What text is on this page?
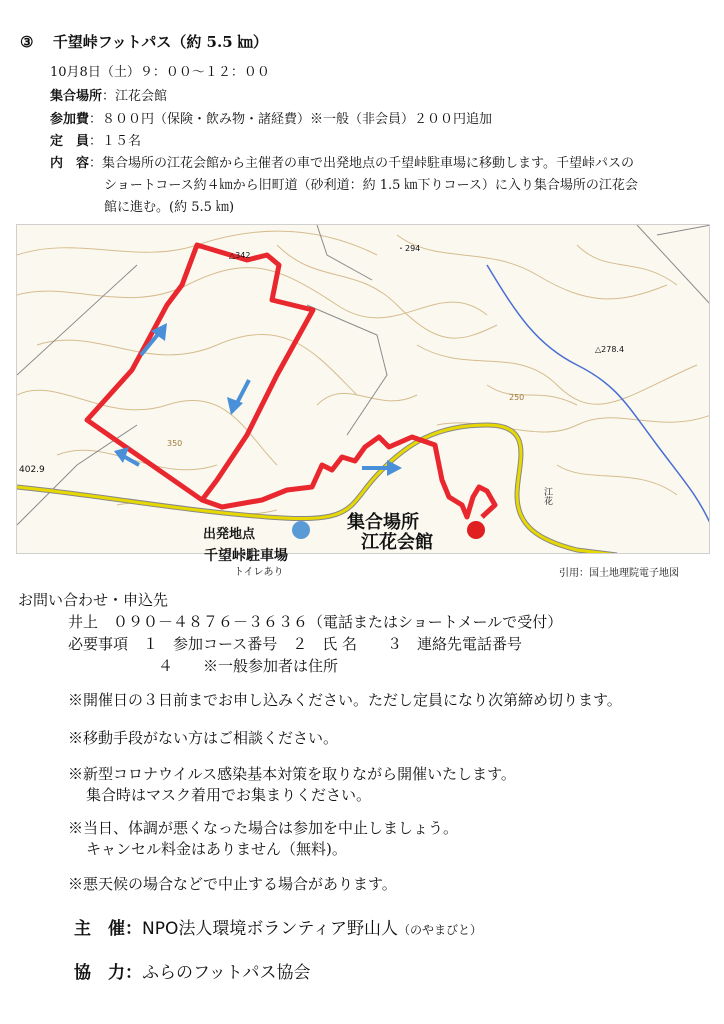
③ 千望峠フットパス（約 5.5 ㎞）
10月8日（土）９：００～１２：００
集合場所：江花会館
参加費：８００円（保険・飲み物・諸経費）※一般（非会員）２００円追加
定　員：１５名
内　容：集合場所の江花会館から主催者の車で出発地点の千望峠駐車場に移動します。千望峠パスの
ショートコース約４㎞から旧町道（砂利道：約 1.5 ㎞下りコース）に入り集合場所の江花会
館に進む。(約 5.5 ㎞)
△342
・294
△278.4
402.9
350
250
江花
出発地点
集合場所
江花会館
千望峠駐車場
トイレあり	引用：国土地理院電子地図
お問い合わせ・申込先
井上　０９０－４８７６－３６３６（電話またはショートメールで受付）
必要事項　１　参加コース番号　２　氏 名　　３　連絡先電話番号
４　　※一般参加者は住所
※開催日の３日前までお申し込みください。ただし定員になり次第締め切ります。
※移動手段がない方はご相談ください。
※新型コロナウイルス感染基本対策を取りながら開催いたします。
集合時はマスク着用でお集まりください。
※当日、体調が悪くなった場合は参加を中止しましょう。
キャンセル料金はありません（無料)。
※悪天候の場合などで中止する場合があります。
主　催：NPO法人環境ボランティア野山人（のやまびと）
協　力：ふらのフットパス協会
